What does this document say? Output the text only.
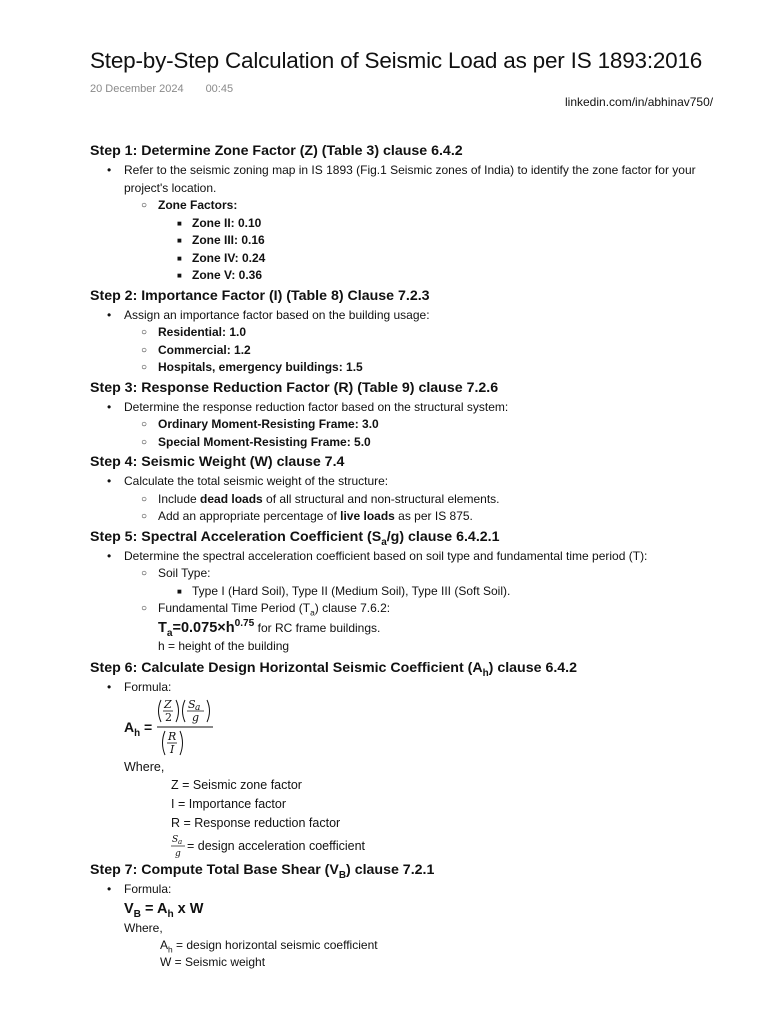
Step-by-Step Calculation of Seismic Load as per IS 1893:2016
20 December 2024 00:45
linkedin.com/in/abhinav750/
Step 1: Determine Zone Factor (Z) (Table 3) clause 6.4.2
• Refer to the seismic zoning map in IS 1893 (Fig.1 Seismic zones of India) to identify the zone factor for your project's location.
○ Zone Factors:
■ Zone II: 0.10
■ Zone III: 0.16
■ Zone IV: 0.24
■ Zone V: 0.36
Step 2: Importance Factor (I) (Table 8) Clause 7.2.3
• Assign an importance factor based on the building usage:
○ Residential: 1.0
○ Commercial: 1.2
○ Hospitals, emergency buildings: 1.5
Step 3: Response Reduction Factor (R) (Table 9) clause 7.2.6
• Determine the response reduction factor based on the structural system:
○ Ordinary Moment-Resisting Frame: 3.0
○ Special Moment-Resisting Frame: 5.0
Step 4: Seismic Weight (W) clause 7.4
• Calculate the total seismic weight of the structure:
○ Include dead loads of all structural and non-structural elements.
○ Add an appropriate percentage of live loads as per IS 875.
Step 5: Spectral Acceleration Coefficient $(S_a/g)$ clause 6.4.2.1
• Determine the spectral acceleration coefficient based on soil type and fundamental time period (T):
○ Soil Type:
■ Type I (Hard Soil), Type II (Medium Soil), Type III (Soft Soil).
○ Fundamental Time Period $(T_a)$ clause 7.6.2:
$T_a=0.075\times h^{0.75}$ for RC frame buildings.
h = height of the building
Step 6: Calculate Design Horizontal Seismic Coefficient $(A_h)$ clause 6.4.2
• Formula:
$A_h$ =
Z
2
S a
g
R
I
Where,
Z = Seismic zone factor
I = Importance factor
R = Response reduction factor
S a
g
= design acceleration coefficient
Step 7: Compute Total Base Shear $(V_B)$ clause 7.2.1
• Formula:
$V_B = A_h$ x W
Where,
$A_h$ = design horizontal seismic coefficient
W = Seismic weight
